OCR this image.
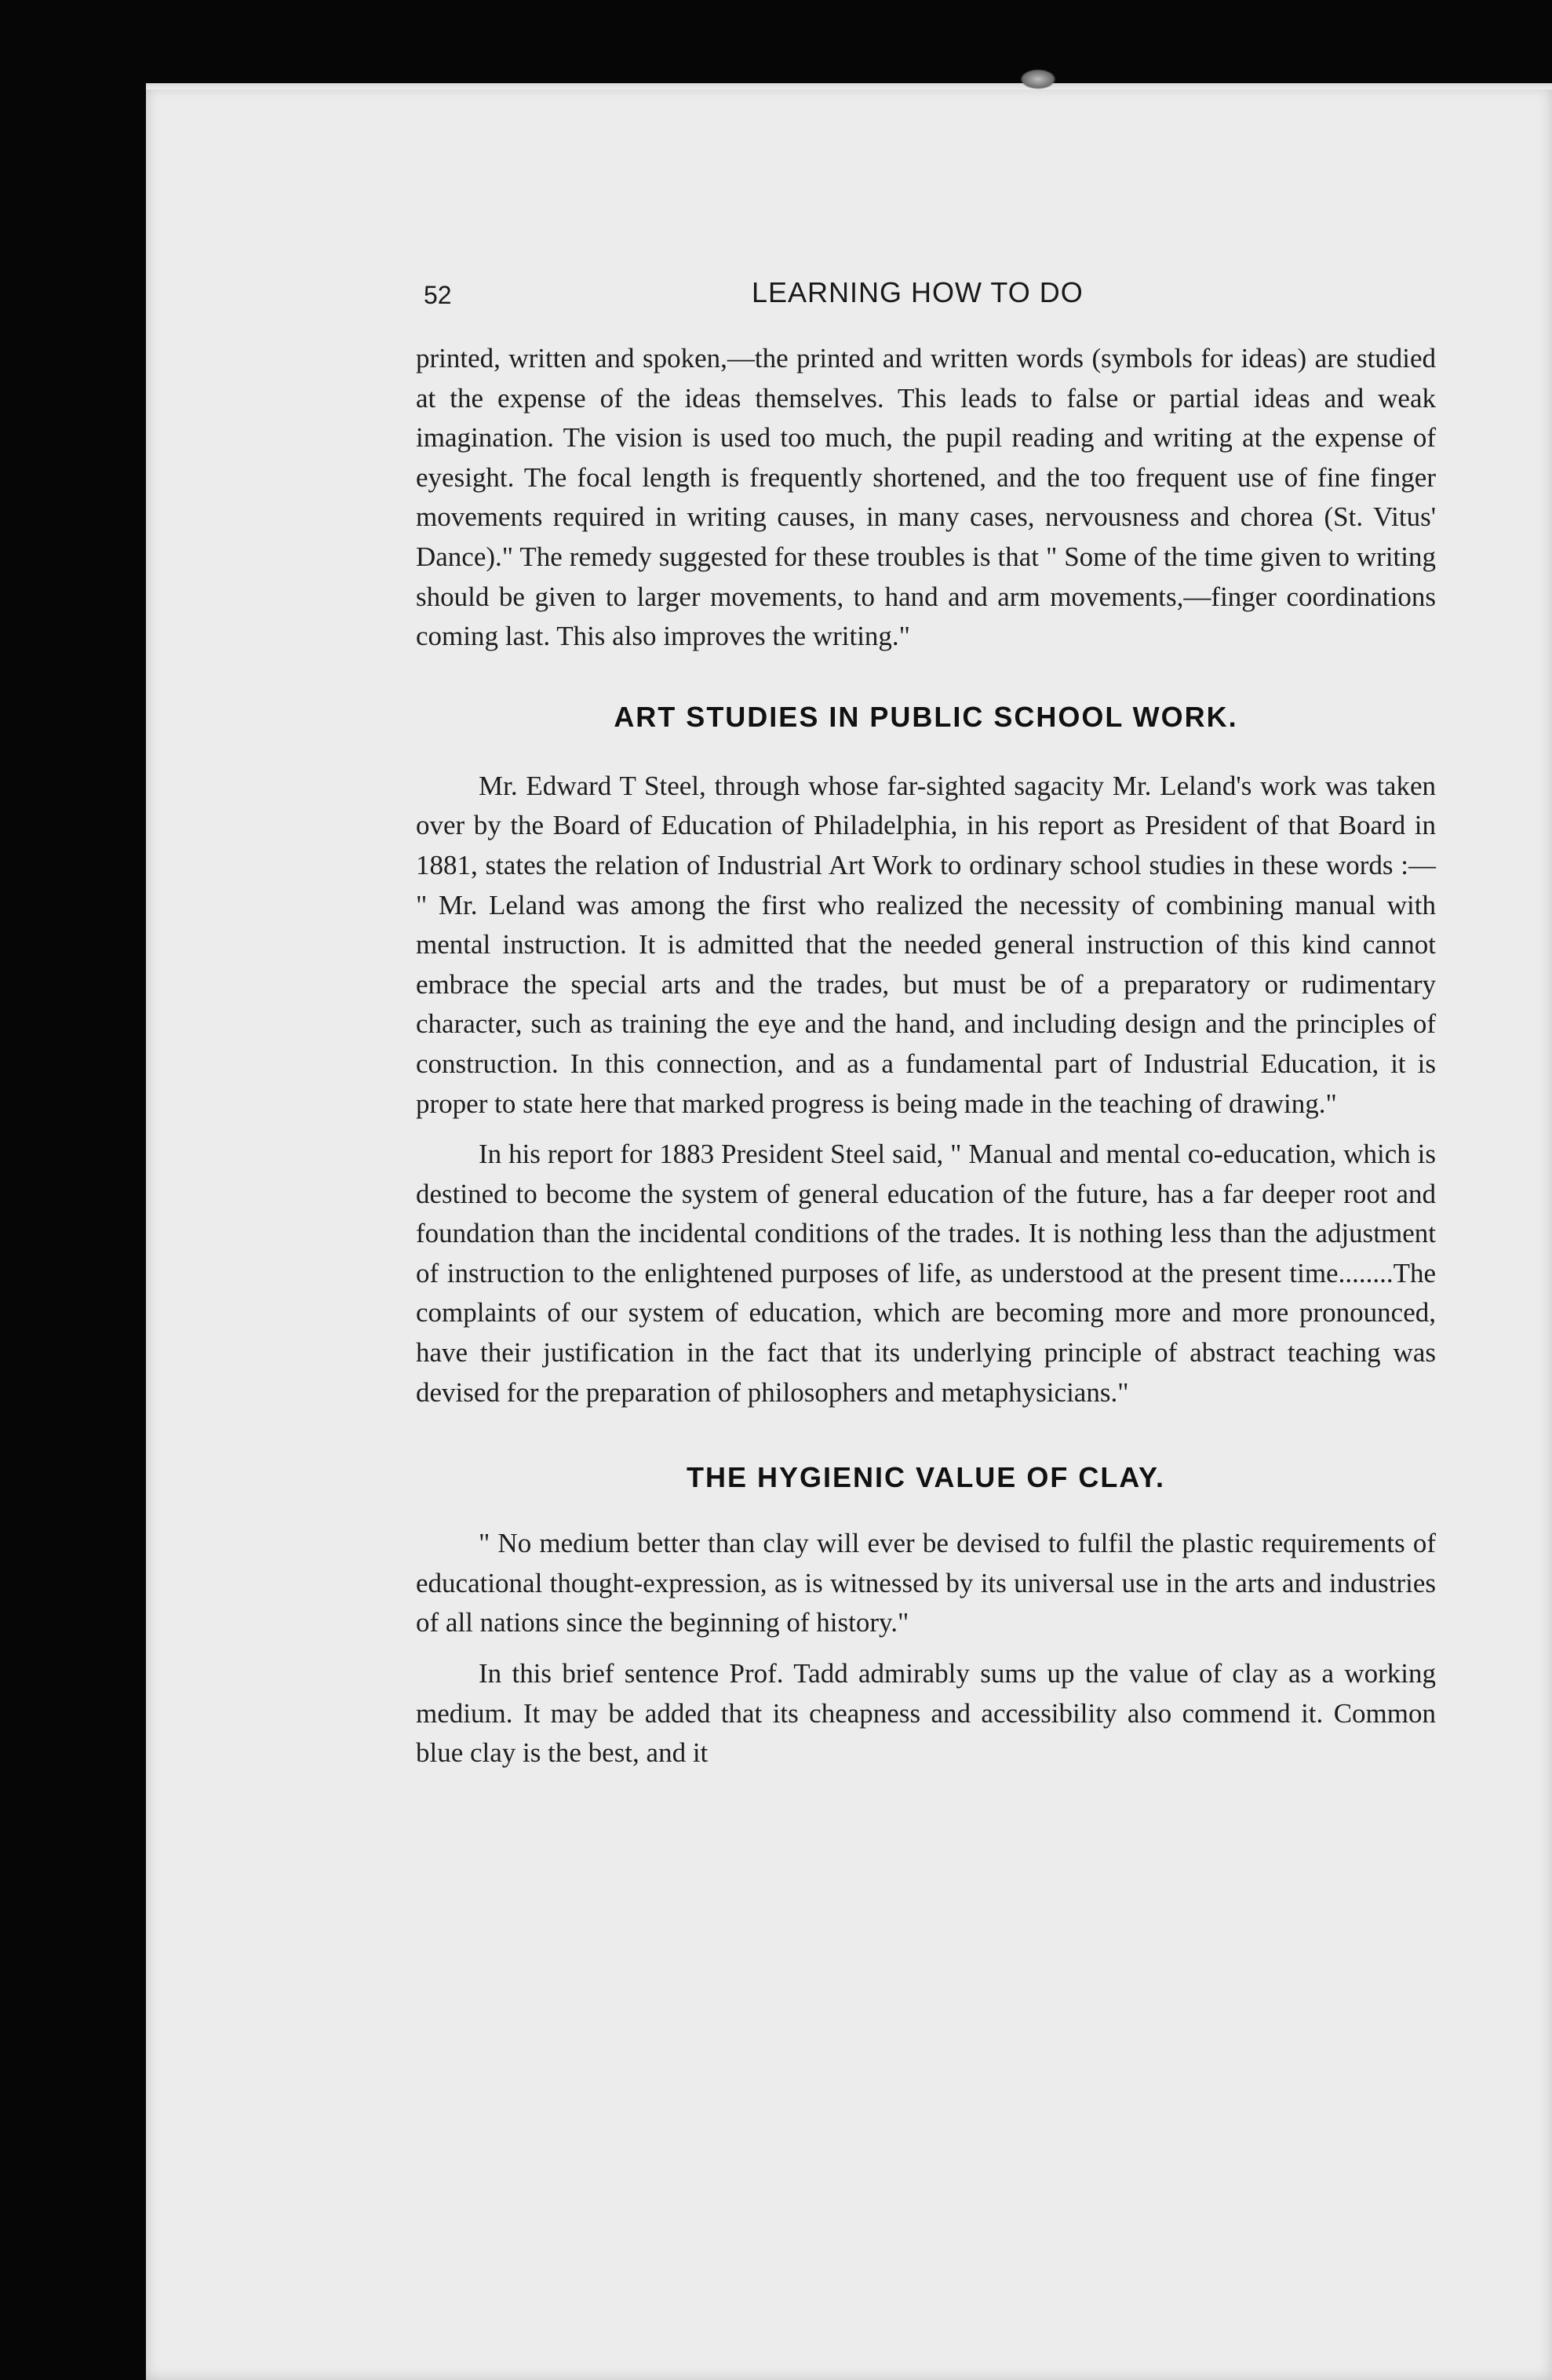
52	LEARNING HOW TO DO

printed, written and spoken,—the printed and written words (symbols for ideas) are studied at the expense of the ideas themselves. This leads to false or partial ideas and weak imagination. The vision is used too much, the pupil reading and writing at the expense of eyesight. The focal length is frequently shortened, and the too frequent use of fine finger movements required in writing causes, in many cases, nervousness and chorea (St. Vitus' Dance)." The remedy suggested for these troubles is that " Some of the time given to writing should be given to larger movements, to hand and arm movements,—finger coordinations coming last. This also improves the writing."

ART STUDIES IN PUBLIC SCHOOL WORK.

Mr. Edward T Steel, through whose far-sighted sagacity Mr. Leland's work was taken over by the Board of Education of Philadelphia, in his report as President of that Board in 1881, states the relation of Industrial Art Work to ordinary school studies in these words :— " Mr. Leland was among the first who realized the necessity of combining manual with mental instruction. It is admitted that the needed general instruction of this kind cannot embrace the special arts and the trades, but must be of a preparatory or rudimentary character, such as training the eye and the hand, and including design and the principles of construction. In this connection, and as a fundamental part of Industrial Education, it is proper to state here that marked progress is being made in the teaching of drawing."

In his report for 1883 President Steel said, " Manual and mental co-education, which is destined to become the system of general education of the future, has a far deeper root and foundation than the incidental conditions of the trades. It is nothing less than the adjustment of instruction to the enlightened purposes of life, as understood at the present time........The complaints of our system of education, which are becoming more and more pronounced, have their justification in the fact that its underlying principle of abstract teaching was devised for the preparation of philosophers and metaphysicians."

THE HYGIENIC VALUE OF CLAY.

" No medium better than clay will ever be devised to fulfil the plastic requirements of educational thought-expression, as is witnessed by its universal use in the arts and industries of all nations since the beginning of history."

In this brief sentence Prof. Tadd admirably sums up the value of clay as a working medium. It may be added that its cheapness and accessibility also commend it. Common blue clay is the best, and it
